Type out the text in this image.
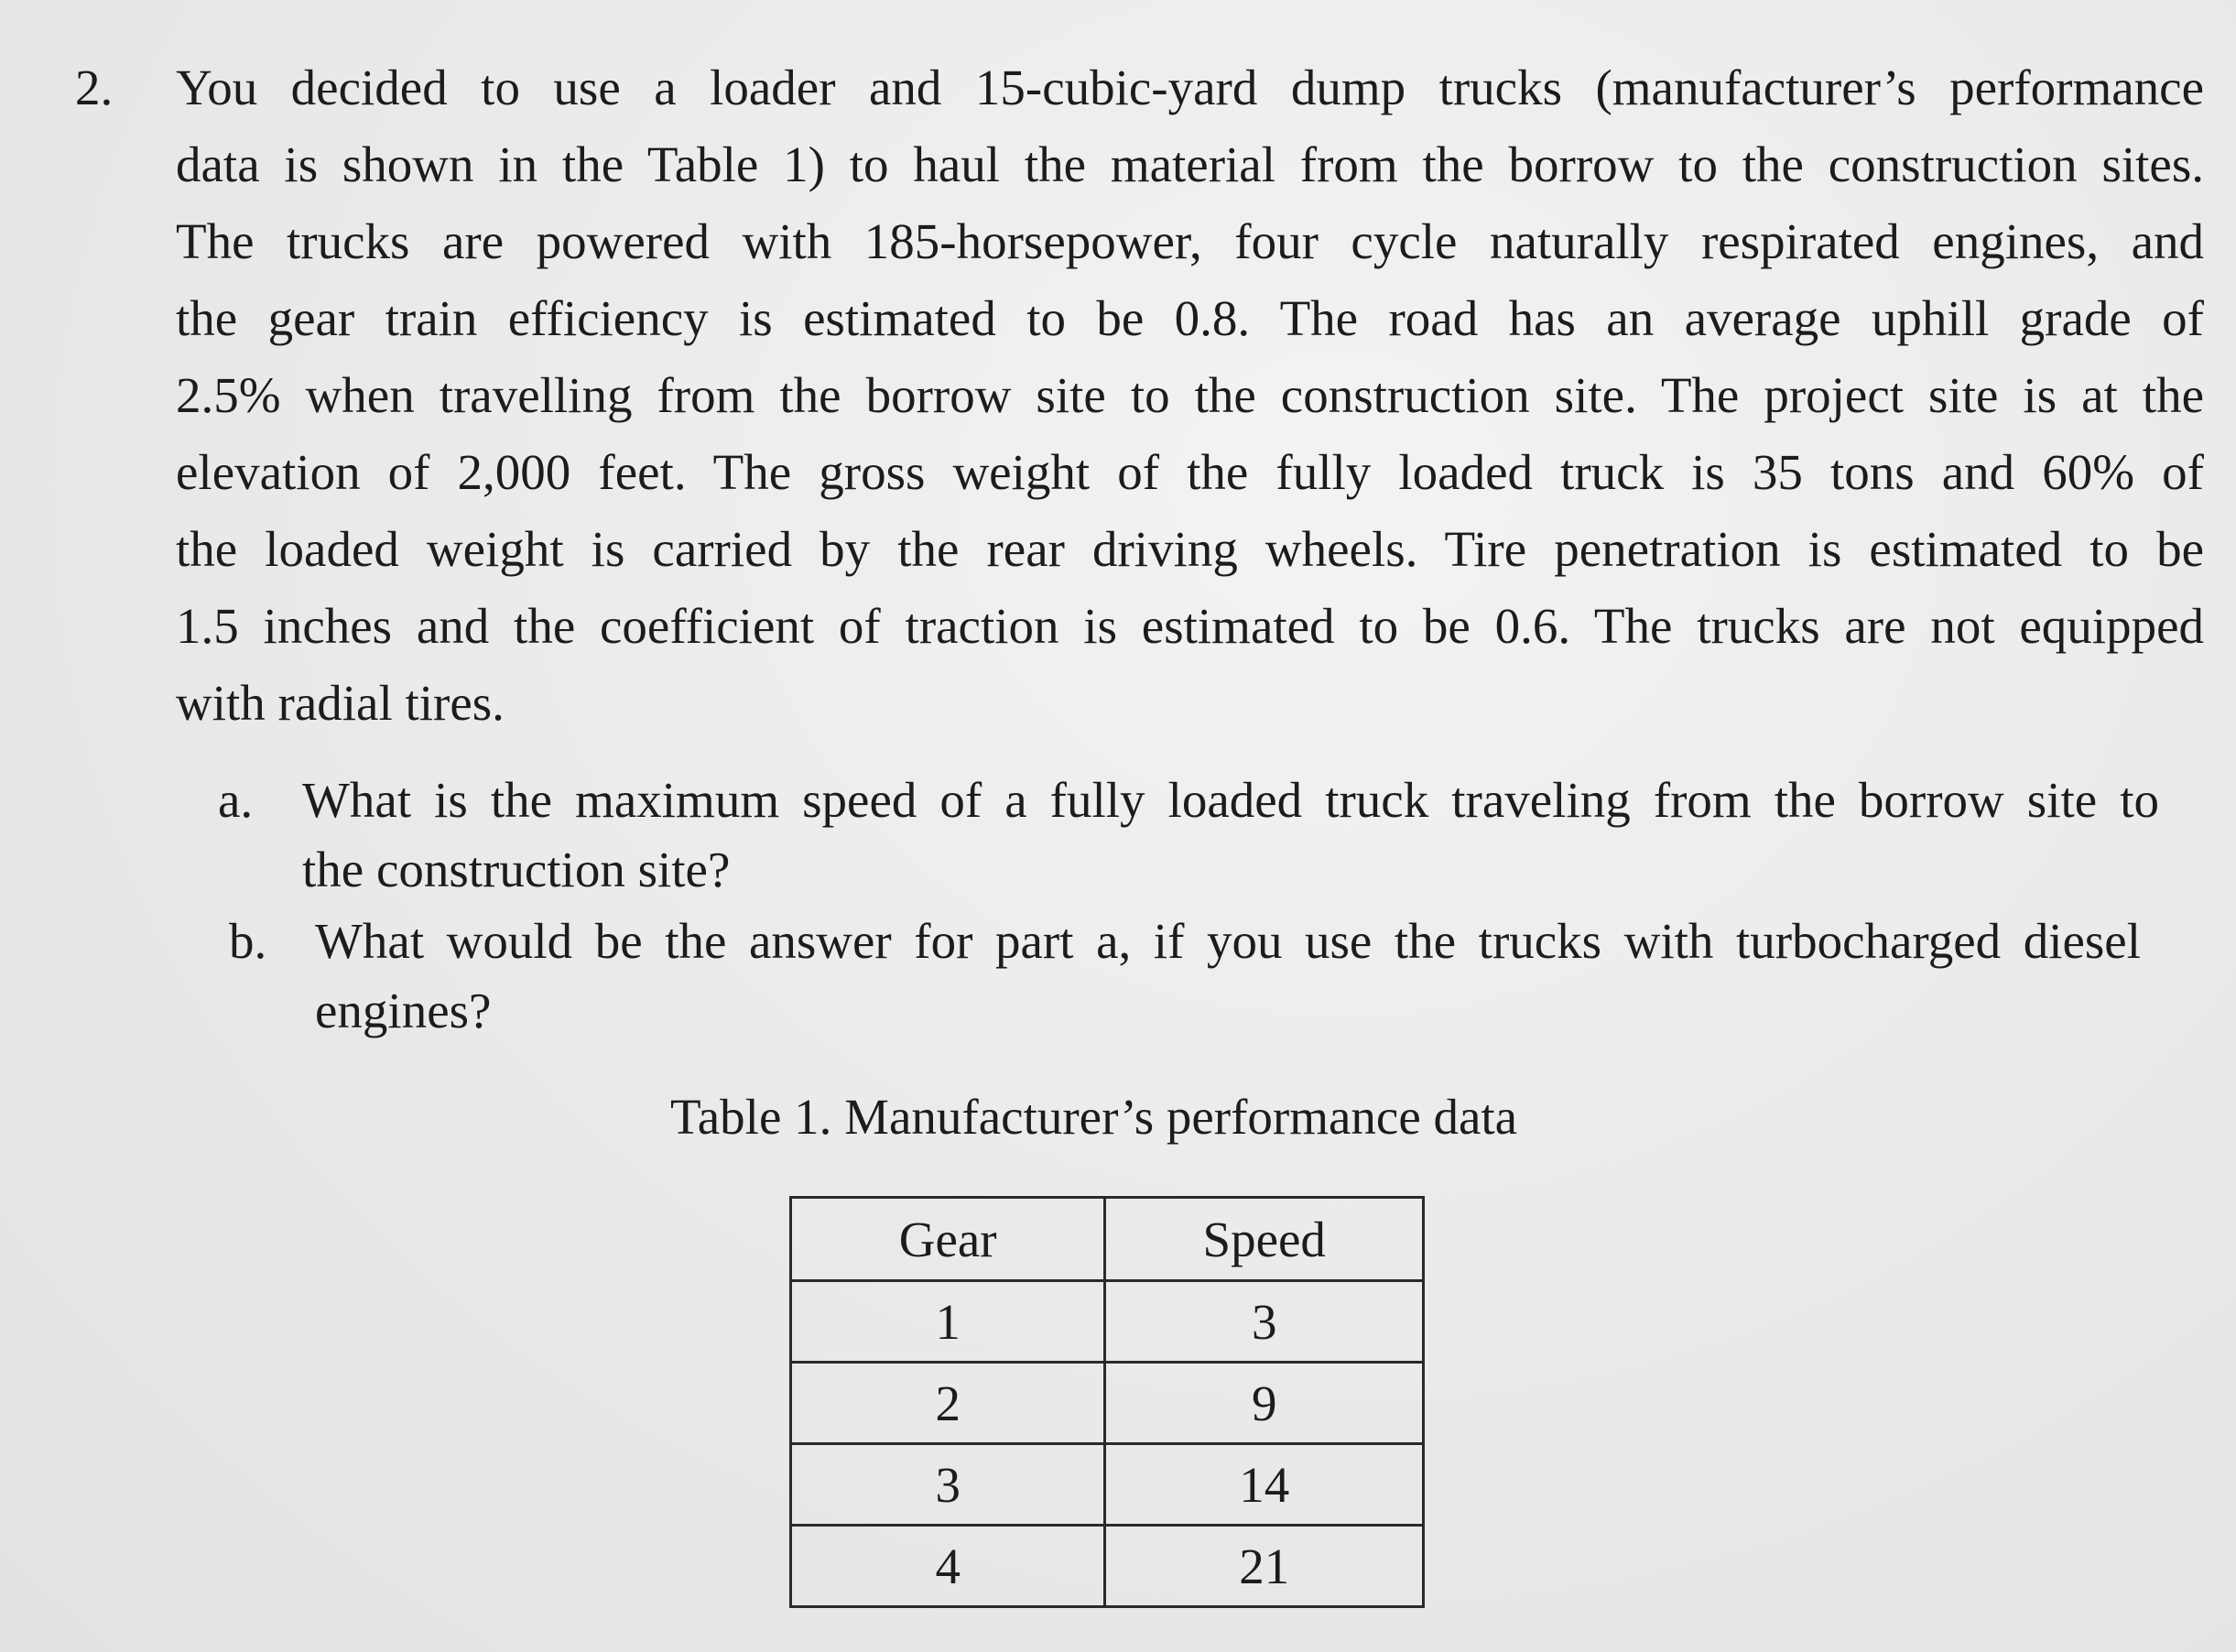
2. You decided to use a loader and 15-cubic-yard dump trucks (manufacturer’s performance
data is shown in the Table 1) to haul the material from the borrow to the construction sites.
The trucks are powered with 185-horsepower, four cycle naturally respirated engines, and
the gear train efficiency is estimated to be 0.8. The road has an average uphill grade of
2.5% when travelling from the borrow site to the construction site. The project site is at the
elevation of 2,000 feet. The gross weight of the fully loaded truck is 35 tons and 60% of
the loaded weight is carried by the rear driving wheels. Tire penetration is estimated to be
1.5 inches and the coefficient of traction is estimated to be 0.6. The trucks are not equipped
with radial tires.
a. What is the maximum speed of a fully loaded truck traveling from the borrow site to
the construction site?
b. What would be the answer for part a, if you use the trucks with turbocharged diesel
engines?
Table 1. Manufacturer’s performance data
Gear	Speed
1	3
2	9
3	14
4	21
